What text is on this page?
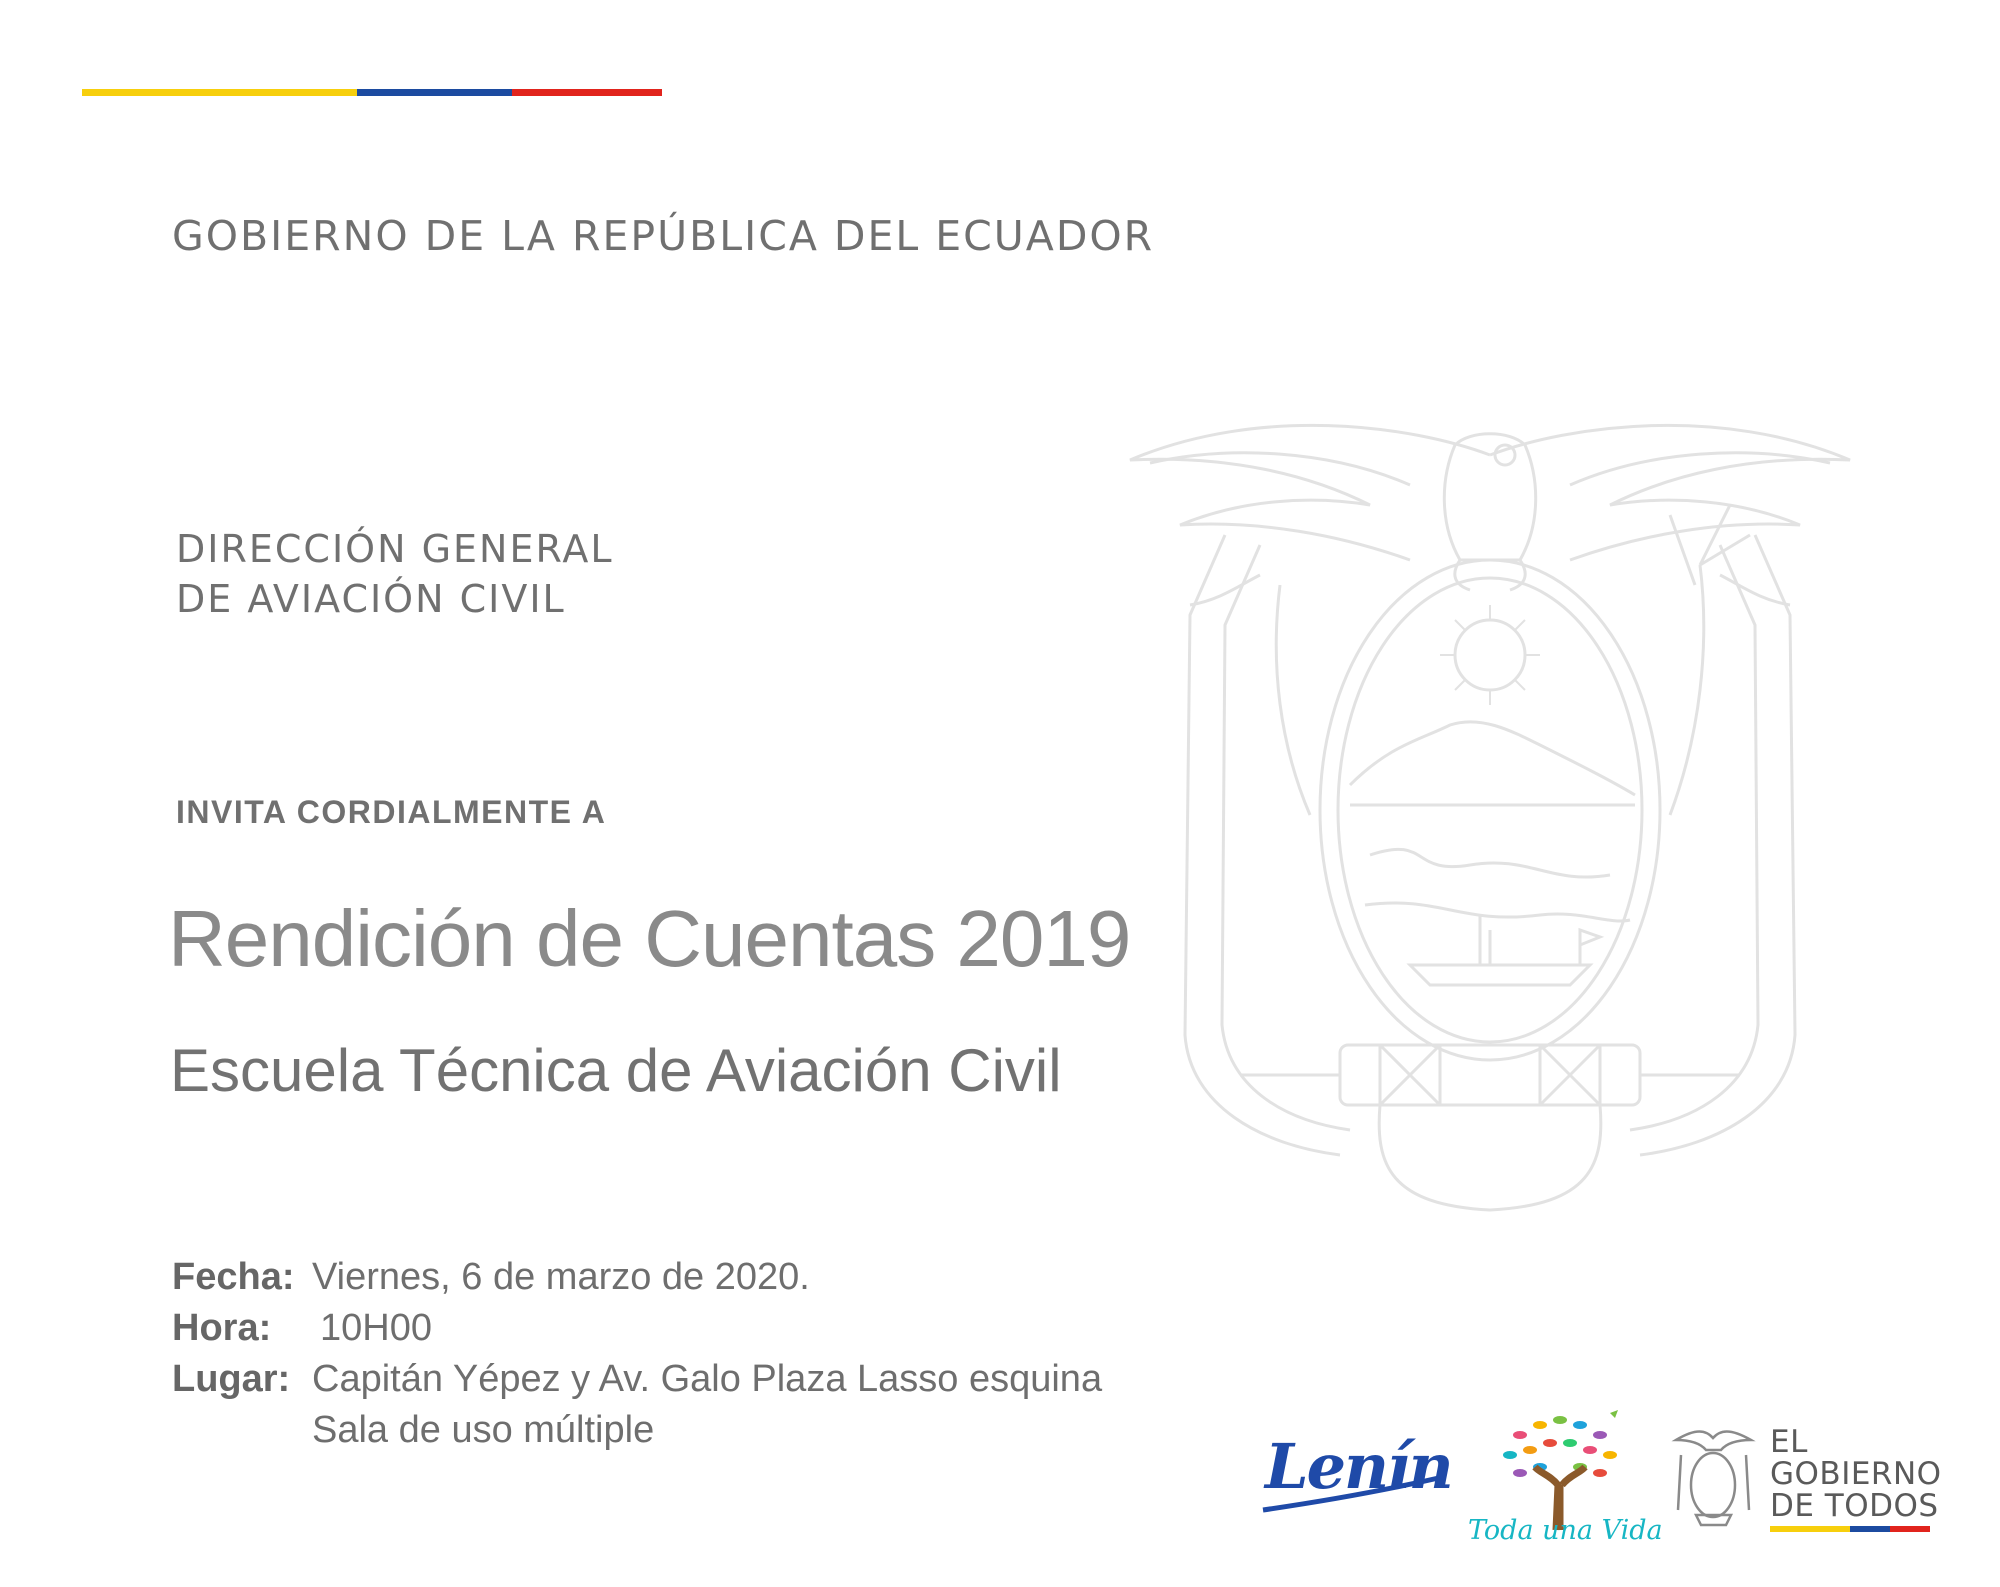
GOBIERNO DE LA REPÚBLICA DEL ECUADOR
DIRECCIÓN GENERAL
DE AVIACIÓN CIVIL
INVITA CORDIALMENTE A
Rendición de Cuentas 2019
Escuela Técnica de Aviación Civil
Fecha: Viernes, 6 de marzo de 2020.
Hora:	10H00
Lugar: Capitán Yépez y Av. Galo Plaza Lasso esquina
Sala de uso múltiple	Lenín
Toda una Vida
EL
GOBIERNO
DE TODOS
